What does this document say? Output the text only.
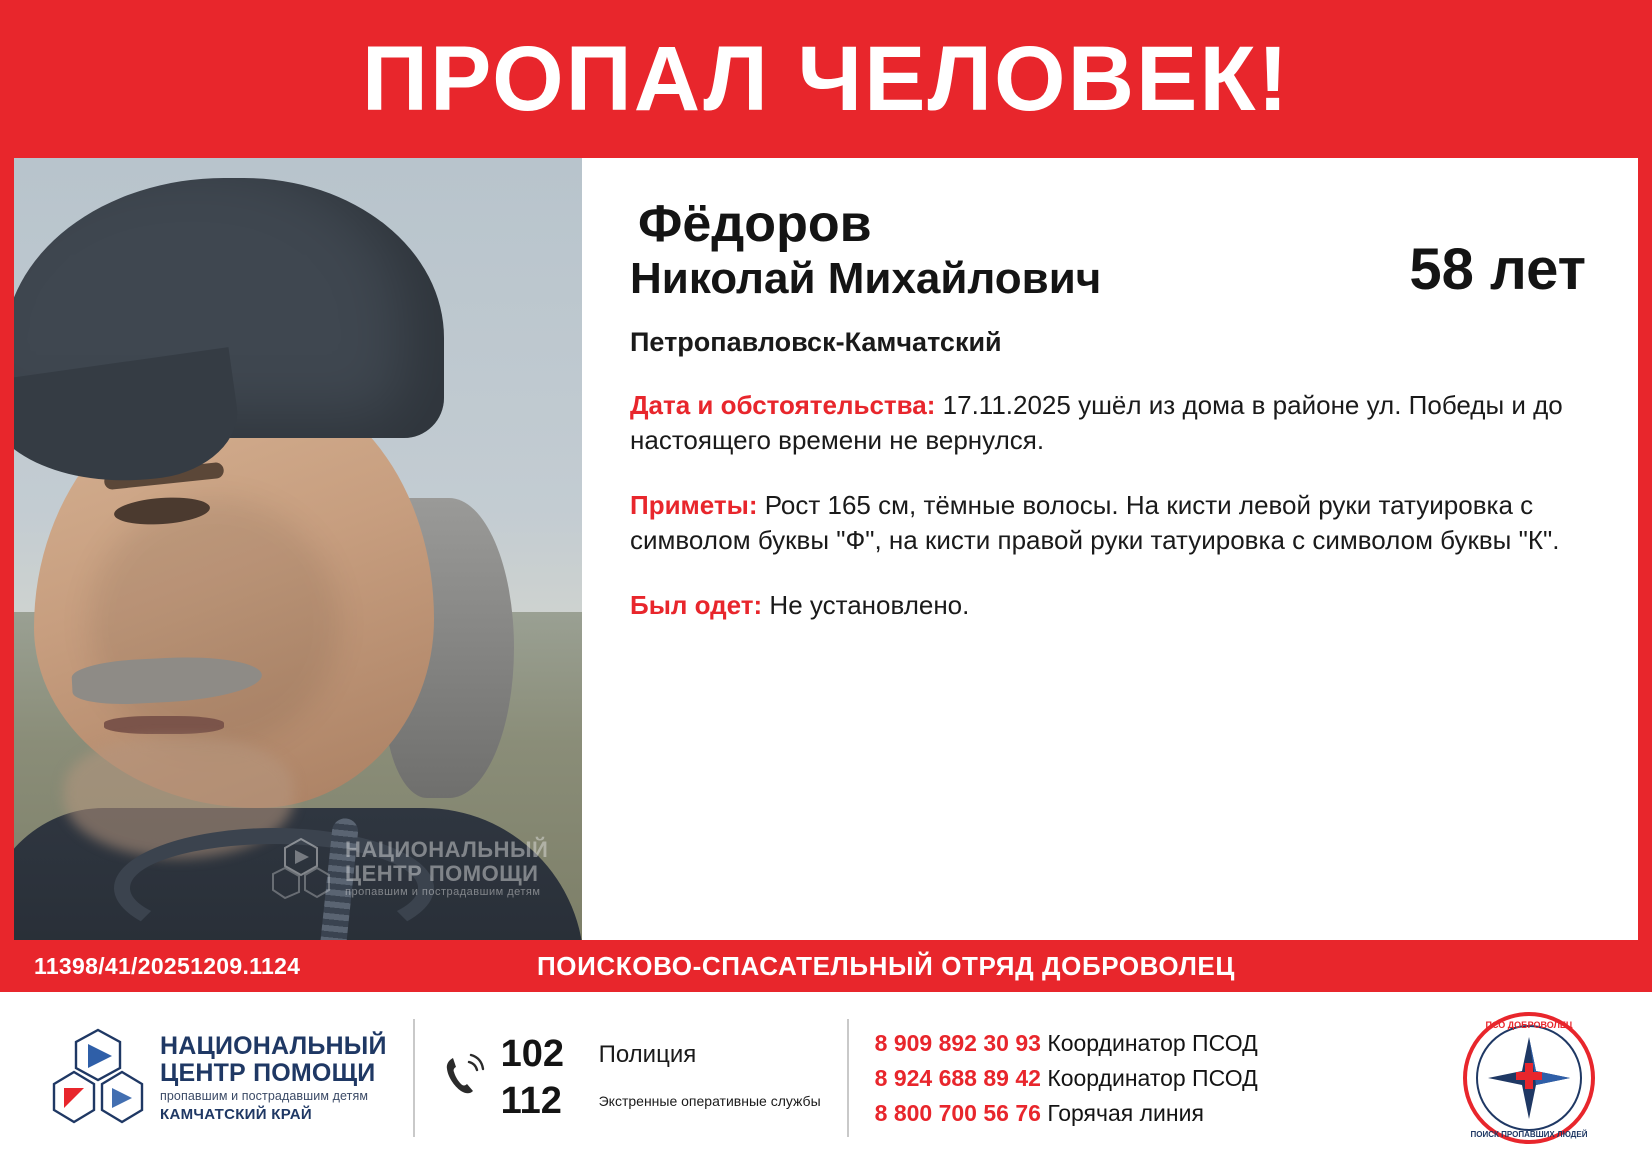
ПРОПАЛ ЧЕЛОВЕК!
НАЦИОНАЛЬНЫЙ
ЦЕНТР ПОМОЩИ
пропавшим и пострадавшим детям
Фёдоров
Николай Михайлович	58 лет
Петропавловск-Камчатский
Дата и обстоятельства: 17.11.2025 ушёл из дома в районе ул. Победы и до настоящего времени не вернулся.
Приметы: Рост 165 см, тёмные волосы. На кисти левой руки татуировка с символом буквы "Ф", на кисти правой руки татуировка с символом буквы "К".
Был одет: Не установлено.
11398/41/20251209.1124	ПОИСКОВО-СПАСАТЕЛЬНЫЙ ОТРЯД ДОБРОВОЛЕЦ
НАЦИОНАЛЬНЫЙ
ЦЕНТР ПОМОЩИ
пропавшим и пострадавшим детям
КАМЧАТСКИЙ КРАЙ
102	Полиция
112	Экстренные оперативные службы
8 909 892 30 93 Координатор ПСОД
8 924 688 89 42 Координатор ПСОД
8 800 700 56 76 Горячая линия
ПСО ДОБРОВОЛЕЦ
ПОИСК ПРОПАВШИХ ЛЮДЕЙ
